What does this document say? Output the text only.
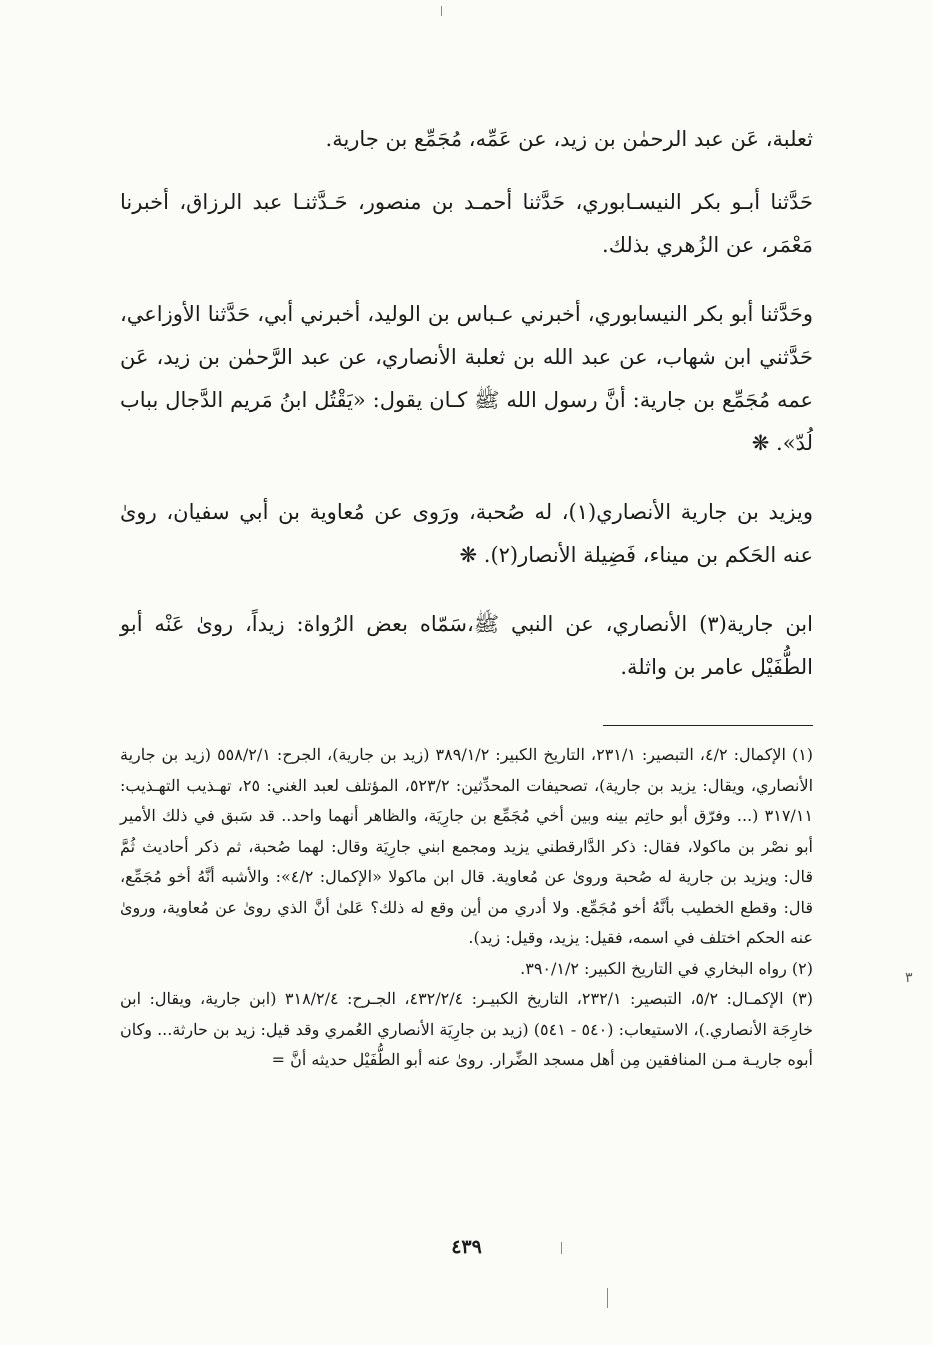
ثعلبة، عَن عبد الرحمٰن بن زيد، عن عَمِّه، مُجَمِّع بن جارية.

حَدَّثنا أبـو بكر النيسـابوري، حَدَّثنا أحمـد بن منصور، حَـدَّثنـا عبد الرزاق، أخبرنا مَعْمَر، عن الزُهري بذلك.

وحَدَّثنا أبو بكر النيسابوري، أخبرني عـباس بن الوليد، أخبرني أبي، حَدَّثنا الأوزاعي، حَدَّثني ابن شهاب، عن عبد الله بن ثعلبة الأنصاري، عن عبد الرَّحمٰن بن زيد، عَن عمه مُجَمِّع بن جارية: أنَّ رسول الله ﷺ كـان يقول: «يَقْتُل ابنُ مَريم الدَّجال بباب لُدّ». ❋

ويزيد بن جارية الأنصاري(١)، له صُحبة، ورَوى عن مُعاوية بن أبي سفيان، روىٰ عنه الحَكم بن ميناء، فَضِيلة الأنصار(٢). ❋

ابن جارية(٣) الأنصاري، عن النبي ﷺ،سَمّاه بعض الرُواة: زيداً، روىٰ عَنْه أبو الطُّفَيْل عامر بن واثلة.

(١) الإكمال: ٤/٢، التبصير: ٢٣١/١، التاريخ الكبير: ٣٨٩/١/٢ (زيد بن جارية)، الجرح: ٥٥٨/٢/١ (زيد بن جارية الأنصاري، ويقال: يزيد بن جارية)، تصحيفات المحدِّثين: ٥٢٣/٢، المؤتلف لعبد الغني: ٢٥، تهـذيب التهـذيب: ٣١٧/١١ (... وفرّق أبو حاتِم بينه وبين أخي مُجَمِّع بن جارِيَة، والظاهر أنهما واحد.. قد سَبق في ذلك الأمير أبو نصْر بن ماكولا، فقال: ذكر الدَّارقطني يزيد ومجمع ابني جارِيَة وقال: لهما صُحبة، ثم ذكر أحاديث ثُمَّ قال: ويزيد بن جارية له صُحبة وروىٰ عن مُعاوية. قال ابن ماكولا «الإكمال: ٤/٢»: والأشبه أنَّهُ أخو مُجَمِّع، قال: وقطع الخطيب بأنَّهُ أخو مُجَمِّع. ولا أدري من أين وقع له ذلك؟ عَلىٰ أنَّ الذي روىٰ عن مُعاوية، وروىٰ عنه الحكم اختلف في اسمه، فقيل: يزيد، وقيل: زيد).

(٢) رواه البخاري في التاريخ الكبير: ٣٩٠/١/٢.

(٣) الإكمـال: ٥/٢، التبصير: ٢٣٢/١، التاريخ الكبيـر: ٤٣٢/٢/٤، الجـرح: ٣١٨/٢/٤ (ابن جارية، ويقال: ابن خارِجَة الأنصاري.)، الاستيعاب: (٥٤٠ - ٥٤١) (زيد بن جارِيَة الأنصاري العُمري وقد قيل: زيد بن حارثة... وكان أبوه جاريـة مـن المنافقين مِن أهل مسجد الضِّرار. روىٰ عنه أبو الطُّفَيْل حديثه أنَّ =

٤٣٩
٣
